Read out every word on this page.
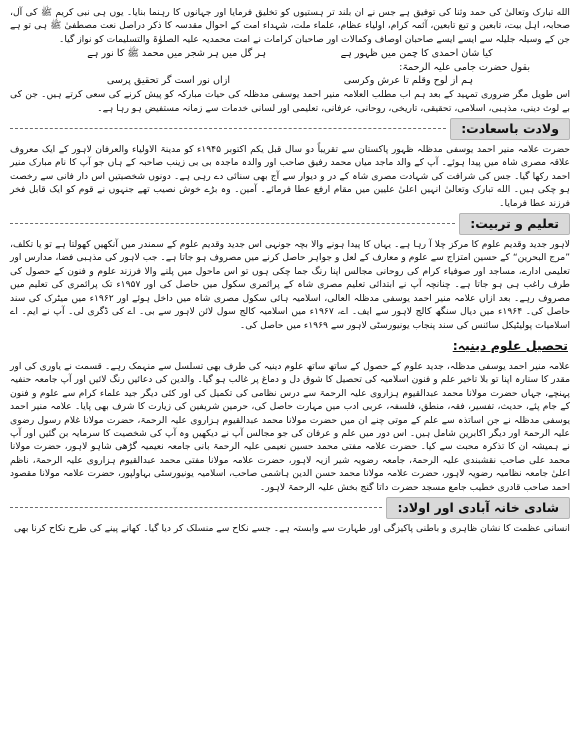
الله تبارک وتعالیٰ کی حمد وثنا کی توفیق ہے جس نے ان بلند تر ہستیوں کو تخلیق فرمایا اور جہانوں کا رہنما بنایا۔ یوں ہی نبی کریم ﷺ کی آل، صحابہ، اہل بیت، تابعین و تبع تابعین، آئمہ کرام، اولیاء عظام، علماء ملت، شہداء امت کے احوال مقدسہ کا ذکر دراصل نعت مصطفیٰ ﷺ ہی تو ہے جن کے وسیلہ جلیلہ سے ایسے ایسے صاحبان اوصاف وکمالات اور صاحبان کرامات نے امت محمدیہ علیہ الصلوٰۃ والتسلیمات کو نواز گیا۔

کیا شان احمدی کا چمن میں ظہور ہے
ہر گل میں ہر شجر میں محمد ﷺ کا نور ہے
بقول حضرت جامی علیہ الرحمۃ:
ہم از لوح وقلم تا عرش وکرسی
ازاں نور است گر تحقیق پرسی

اس طویل مگر ضروری تمہید کے بعد ہم اب مطلب العلامہ منیر احمد یوسفی مدظلہ کی حیات مبارکہ کو پیش کرنے کی سعی کرتے ہیں۔ جن کی بے لوث دینی، مذہبی، اسلامی، تحقیقی، تاریخی، روحانی، عرفانی، تعلیمی اور لسانی خدمات سے زمانہ مستفیض ہو رہا ہے۔

ولادت باسعادت:

حضرت علامہ منیر احمد یوسفی مدظلہ ظہور پاکستان سے تقریباً دو سال قبل یکم اکتوبر ۱۹۴۵ء کو مدینۃ الاولیاء والعرفان لاہور کے ایک معروف علاقہ مصری شاہ میں پیدا ہوئے۔ آپ کے والد ماجد میاں محمد رفیق صاحب اور والدہ ماجدہ بی بی زینب صاحبہ کے ہاں جو آپ کا نام مبارک منیر احمد رکھا گیا۔ جس کی شرافت کی شہادت مصری شاہ کے در و دیوار سے آج بھی سنائی دے رہی ہے۔ دونوں شخصیتیں اس دار فانی سے رخصت ہو چکی ہیں۔ الله تبارک وتعالیٰ انہیں اعلیٰ علیین میں مقام ارفع عطا فرمائے۔ آمین۔ وہ بڑے خوش نصیب تھے جنہوں نے قوم کو ایک قابل فخر فرزند عطا فرمایا۔

تعلیم و تربیت:

لاہور جدید وقدیم علوم کا مرکز چلا آ رہا ہے۔ یہاں کا پیدا ہونے والا بچہ جونہی اس جدید وقدیم علوم کے سمندر میں آنکھیں کھولتا ہے تو یا تکلف، ”مرج البحرین“ کے حسین امتزاج سے علوم و معارف کے لعل و جواہر حاصل کرنے میں مصروف ہو جاتا ہے۔ جب لاہور کی مذہبی فضا، مدارس اور تعلیمی ادارے، مساجد اور صوفیاء کرام کی روحانی مجالس اپنا رنگ جما چکی ہوں تو اس ماحول میں پلنے والا فرزند علوم و فنون کے حصول کی طرف راغب ہی ہو جاتا ہے۔ چنانچہ آپ نے ابتدائی تعلیم مصری شاہ کے پرائمری سکول میں حاصل کی اور ۱۹۵۷ء تک پرائمری کی تعلیم میں مصروف رہے۔ بعد ازاں علامہ منیر احمد یوسفی مدظلہ العالی، اسلامیہ ہائی سکول مصری شاہ میں داخل ہوئے اور ۱۹۶۲ء میں میٹرک کی سند حاصل کی۔ ۱۹۶۴ء میں دیال سنگھ کالج لاہور سے ایف۔ اے، ۱۹۶۷ء میں اسلامیہ کالج سول لائن لاہور سے بی۔ اے کی ڈگری لی۔ آپ نے ایم۔ اے اسلامیات پولیٹیکل سائنس کی سند پنجاب یونیورسٹی لاہور سے ۱۹۶۹ء میں حاصل کی۔

تحصیل علوم دینیہ:

علامہ منیر احمد یوسفی مدظلہ، جدید علوم کے حصول کے ساتھ ساتھ علوم دینیہ کی طرف بھی تسلسل سے منہمک رہے۔ قسمت نے یاوری کی اور مقدر کا ستارہ اپنا تو بلا تاخیر علم و فنون اسلامیہ کی تحصیل کا شوق دل و دماغ پر غالب ہو گیا۔ والدین کی دعائیں رنگ لائیں اور آپ جامعہ حنفیہ پہنچے، جہاں حضرت مولانا محمد عبدالقیوم ہزاروی علیہ الرحمۃ سے درس نظامی کی تکمیل کی اور کئی دیگر جید علماء کرام سے علوم و فنون کے جام پئے، حدیث، تفسیر، فقہ، منطق، فلسفہ، عربی ادب میں مہارت حاصل کی، حرمین شریفین کی زیارت کا شرف بھی پایا۔ علامہ منیر احمد یوسفی مدظلہ نے جن اساتذہ سے علم کے موتی چنے ان میں حضرت مولانا محمد عبدالقیوم ہزاروی علیہ الرحمۃ، حضرت مولانا غلام رسول رضوی علیہ الرحمۃ اور دیگر اکابرین شامل ہیں۔ اس دور میں علم و عرفان کی جو مجالس آپ نے دیکھیں وہ آپ کی شخصیت کا سرمایہ بن گئیں اور آپ نے ہمیشہ ان کا تذکرہ محبت سے کیا۔ حضرت علامہ مفتی محمد حسین نعیمی علیہ الرحمۃ بانی جامعہ نعیمیہ گڑھی شاہو لاہور، حضرت مولانا محمد علی صاحب نقشبندی علیہ الرحمۃ، جامعہ رضویہ شیر ازیہ لاہور، حضرت علامہ مولانا مفتی محمد عبدالقیوم ہزاروی علیہ الرحمۃ، ناظم اعلیٰ جامعہ نظامیہ رضویہ لاہور، حضرت علامہ مولانا محمد حسن الدین ہاشمی صاحب، اسلامیہ یونیورسٹی بہاولپور، حضرت علامہ مولانا مقصود احمد صاحب قادری خطیب جامع مسجد حضرت داتا گنج بخش علیہ الرحمۃ لاہور۔

شادی خانہ آبادی اور اولاد:

انسانی عظمت کا نشان ظاہری و باطنی پاکیزگی اور طہارت سے وابستہ ہے۔ جسے نکاح سے منسلک کر دیا گیا۔ کھانے پینے کی طرح نکاح کرنا بھی
